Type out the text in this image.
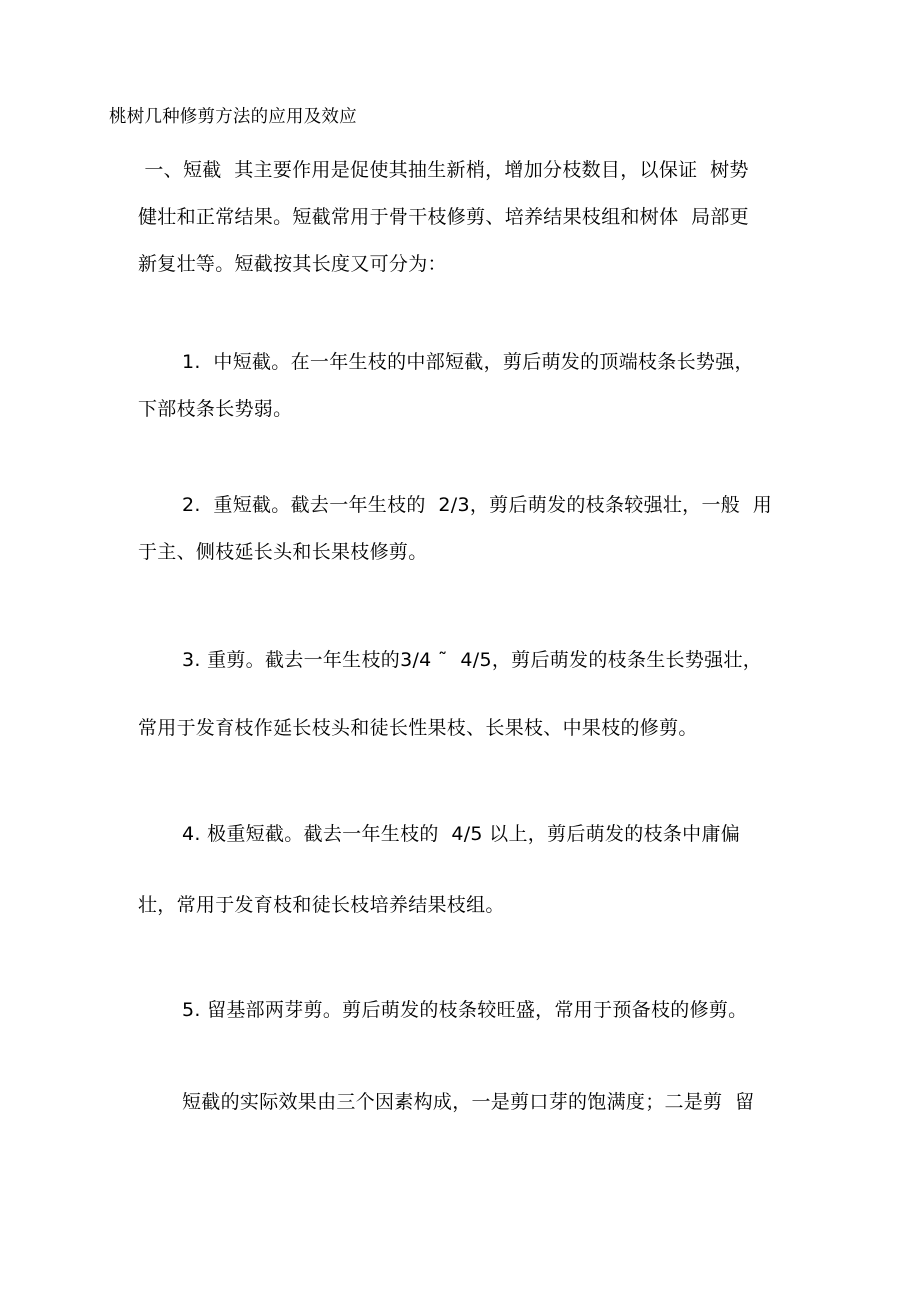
桃树几种修剪方法的应用及效应
一、短截  其主要作用是促使其抽生新梢，增加分枝数目，以保证  树势
健壮和正常结果。短截常用于骨干枝修剪、培养结果枝组和树体  局部更
新复壮等。短截按其长度又可分为：
1.  中短截。在一年生枝的中部短截，剪后萌发的顶端枝条长势强，
下部枝条长势弱。
2.  重短截。截去一年生枝的  2/3，剪后萌发的枝条较强壮，一般  用
于主、侧枝延长头和长果枝修剪。
3. 重剪。截去一年生枝的3/4 ˜  4/5，剪后萌发的枝条生长势强壮，
常用于发育枝作延长枝头和徒长性果枝、长果枝、中果枝的修剪。
4. 极重短截。截去一年生枝的  4/5 以上，剪后萌发的枝条中庸偏
壮，常用于发育枝和徒长枝培养结果枝组。
5. 留基部两芽剪。剪后萌发的枝条较旺盛，常用于预备枝的修剪。
短截的实际效果由三个因素构成，一是剪口芽的饱满度；二是剪  留
